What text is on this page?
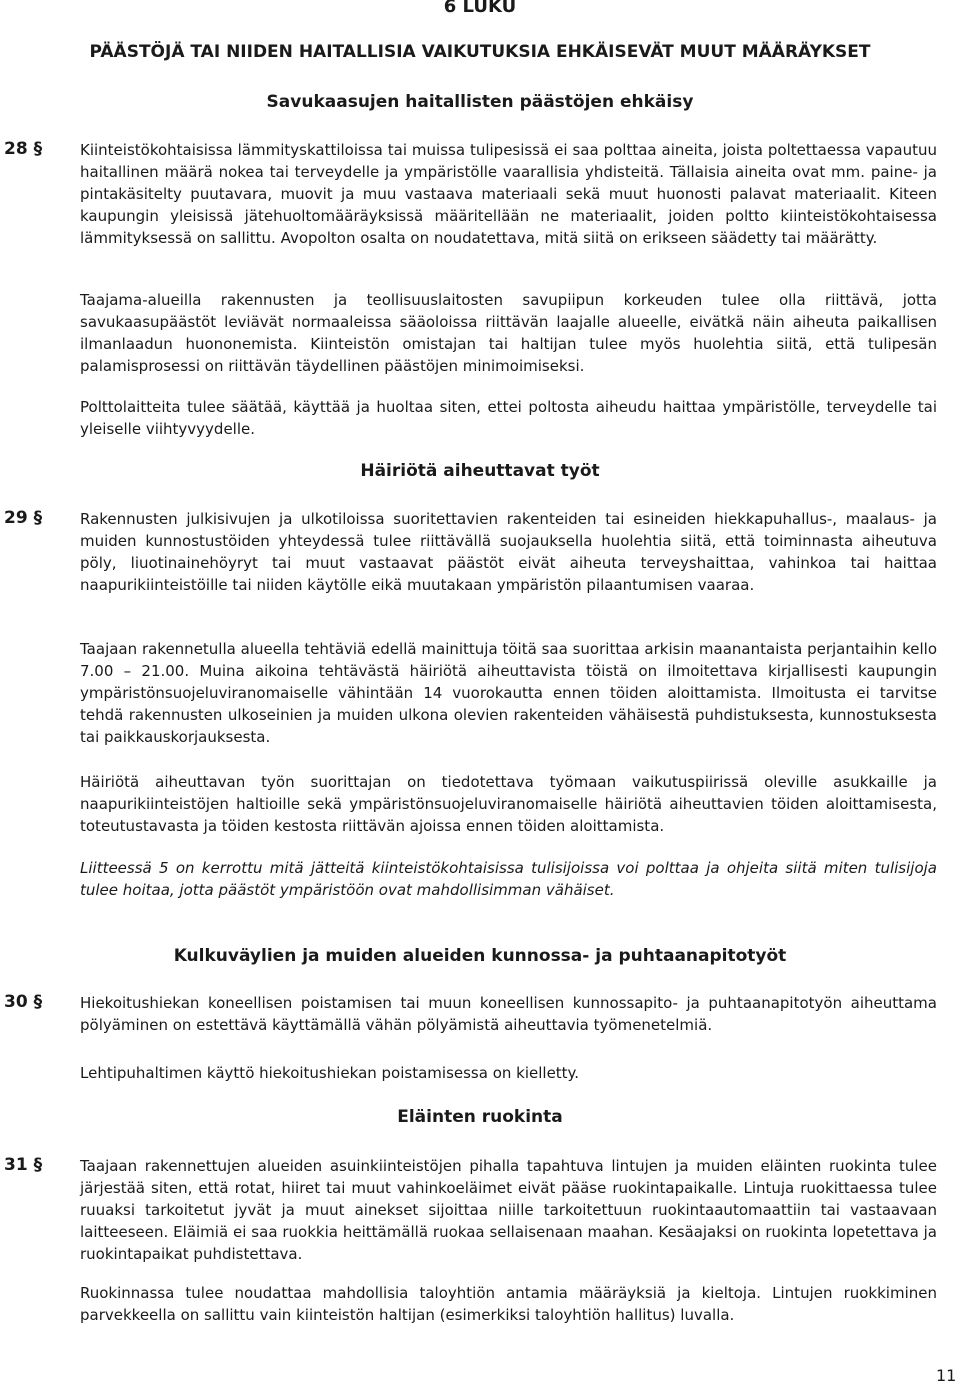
6 LUKU
PÄÄSTÖJÄ TAI NIIDEN HAITALLISIA VAIKUTUKSIA EHKÄISEVÄT MUUT MÄÄRÄYKSET
Savukaasujen haitallisten päästöjen ehkäisy
28 §	Kiinteistökohtaisissa lämmityskattiloissa tai muissa tulipesissä ei saa polttaa aineita, joista poltettaessa vapautuu haitallinen määrä nokea tai terveydelle ja ympäristölle vaarallisia yhdisteitä. Tällaisia aineita ovat mm. paine- ja pintakäsitelty puutavara, muovit ja muu vastaava materiaali sekä muut huonosti palavat materiaalit. Kiteen kaupungin yleisissä jätehuoltomääräyksissä määritellään ne materiaalit, joiden poltto kiinteistökohtaisessa lämmityksessä on sallittu. Avopolton osalta on noudatettava, mitä siitä on erikseen säädetty tai määrätty.

Taajama-alueilla rakennusten ja teollisuuslaitosten savupiipun korkeuden tulee olla riittävä, jotta savukaasupäästöt leviävät normaaleissa sääoloissa riittävän laajalle alueelle, eivätkä näin aiheuta paikallisen ilmanlaadun huononemista. Kiinteistön omistajan tai haltijan tulee myös huolehtia siitä, että tulipesän palamisprosessi on riittävän täydellinen päästöjen minimoimiseksi.

Polttolaitteita tulee säätää, käyttää ja huoltaa siten, ettei poltosta aiheudu haittaa ympäristölle, terveydelle tai yleiselle viihtyvyydelle.

Häiriötä aiheuttavat työt
29 §	Rakennusten julkisivujen ja ulkotiloissa suoritettavien rakenteiden tai esineiden hiekkapuhallus-, maalaus- ja muiden kunnostustöiden yhteydessä tulee riittävällä suojauksella huolehtia siitä, että toiminnasta aiheutuva pöly, liuotinainehöyryt tai muut vastaavat päästöt eivät aiheuta terveyshaittaa, vahinkoa tai haittaa naapurikiinteistöille tai niiden käytölle eikä muutakaan ympäristön pilaantumisen vaaraa.

Taajaan rakennetulla alueella tehtäviä edellä mainittuja töitä saa suorittaa arkisin maanantaista perjantaihin kello 7.00 – 21.00. Muina aikoina tehtävästä häiriötä aiheuttavista töistä on ilmoitettava kirjallisesti kaupungin ympäristönsuojeluviranomaiselle vähintään 14 vuorokautta ennen töiden aloittamista. Ilmoitusta ei tarvitse tehdä rakennusten ulkoseinien ja muiden ulkona olevien rakenteiden vähäisestä puhdistuksesta, kunnostuksesta tai paikkauskorjauksesta.

Häiriötä aiheuttavan työn suorittajan on tiedotettava työmaan vaikutuspiirissä oleville asukkaille ja naapurikiinteistöjen haltioille sekä ympäristönsuojeluviranomaiselle häiriötä aiheuttavien töiden aloittamisesta, toteutustavasta ja töiden kestosta riittävän ajoissa ennen töiden aloittamista.

Liitteessä 5 on kerrottu mitä jätteitä kiinteistökohtaisissa tulisijoissa voi polttaa ja ohjeita siitä miten tulisijoja tulee hoitaa, jotta päästöt ympäristöön ovat mahdollisimman vähäiset.

Kulkuväylien ja muiden alueiden kunnossa- ja puhtaanapitotyöt
30 §	Hiekoitushiekan koneellisen poistamisen tai muun koneellisen kunnossapito- ja puhtaanapitotyön aiheuttama pölyäminen on estettävä käyttämällä vähän pölyämistä aiheuttavia työmenetelmiä.

Lehtipuhaltimen käyttö hiekoitushiekan poistamisessa on kielletty.

Eläinten ruokinta
31 §	Taajaan rakennettujen alueiden asuinkiinteistöjen pihalla tapahtuva lintujen ja muiden eläinten ruokinta tulee järjestää siten, että rotat, hiiret tai muut vahinkoeläimet eivät pääse ruokintapaikalle. Lintuja ruokittaessa tulee ruuaksi tarkoitetut jyvät ja muut ainekset sijoittaa niille tarkoitettuun ruokintaautomaattiin tai vastaavaan laitteeseen. Eläimiä ei saa ruokkia heittämällä ruokaa sellaisenaan maahan. Kesäajaksi on ruokinta lopetettava ja ruokintapaikat puhdistettava.

Ruokinnassa tulee noudattaa mahdollisia taloyhtiön antamia määräyksiä ja kieltoja. Lintujen ruokkiminen parvekkeella on sallittu vain kiinteistön haltijan (esimerkiksi taloyhtiön hallitus) luvalla.

11
